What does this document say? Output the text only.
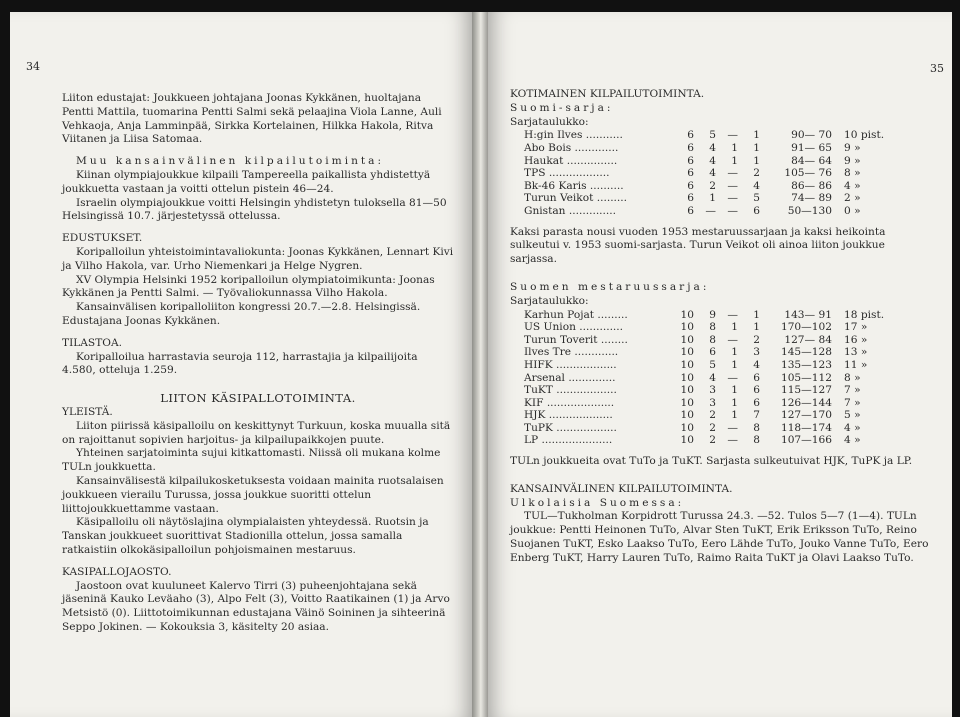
34

Liiton edustajat: Joukkueen johtajana Joonas Kykkänen, huoltajana Pentti Mattila, tuomarina Pentti Salmi sekä pelaajina Viola Lanne, Auli Vehkaoja, Anja Lamminpää, Sirkka Kortelainen, Hilkka Hakola, Ritva Viitanen ja Liisa Satomaa.

Muu kansainvälinen kilpailutoiminta:

Kiinan olympiajoukkue kilpaili Tampereella paikallista yhdistettyä joukkuetta vastaan ja voitti ottelun pistein 46—24.

Israelin olympiajoukkue voitti Helsingin yhdistetyn tuloksella 81—50 Helsingissä 10.7. järjestetyssä ottelussa.

EDUSTUKSET.

Koripalloilun yhteistoimintavaliokunta: Joonas Kykkänen, Lennart Kivi ja Vilho Hakola, var. Urho Niemenkari ja Helge Nygren.

XV Olympia Helsinki 1952 koripalloilun olympiatoimikunta: Joonas Kykkänen ja Pentti Salmi. — Työvaliokunnassa Vilho Hakola.

Kansainvälisen koripalloliiton kongressi 20.7.—2.8. Helsingissä. Edustajana Joonas Kykkänen.

TILASTOA.

Koripalloilua harrastavia seuroja 112, harrastajia ja kilpailijoita 4.580, otteluja 1.259.

LIITON KÄSIPALLOTOIMINTA.

YLEISTÄ.

Liiton piirissä käsipalloilu on keskittynyt Turkuun, koska muualla sitä on rajoittanut sopivien harjoitus- ja kilpailupaikkojen puute.

Yhteinen sarjatoiminta sujui kitkattomasti. Niissä oli mukana kolme TULn joukkuetta.

Kansainvälisestä kilpailukosketuksesta voidaan mainita ruotsalaisen joukkueen vierailu Turussa, jossa joukkue suoritti ottelun liittojoukkuettamme vastaan.

Käsipalloilu oli näytöslajina olympialaisten yhteydessä. Ruotsin ja Tanskan joukkueet suorittivat Stadionilla ottelun, jossa samalla ratkaistiin olkokäsipalloilun pohjoismainen mestaruus.

KASIPALLOJAOSTO.

Jaostoon ovat kuuluneet Kalervo Tirri (3) puheenjohtajana sekä jäseninä Kauko Leväaho (3), Alpo Felt (3), Voitto Raatikainen (1) ja Arvo Metsistö (0). Liittotoimikunnan edustajana Väinö Soininen ja sihteerinä Seppo Jokinen. — Kokouksia 3, käsitelty 20 asiaa.

35

KOTIMAINEN KILPAILUTOIMINTA.

Suomi-sarja:

Sarjataulukko:

H:gin Ilves ...........	6	5	—	1	90— 70	10 pist.
Abo Bois .............	6	4	1	1	91— 65	9 »
Haukat ...............	6	4	1	1	84— 64	9 »
TPS ..................	6	4	—	2	105— 76	8 »
Bk-46 Karis ..........	6	2	—	4	86— 86	4 »
Turun Veikot .........	6	1	—	5	74— 89	2 »
Gnistan ..............	6	—	—	6	50—130	0 »

Kaksi parasta nousi vuoden 1953 mestaruussarjaan ja kaksi heikointa sulkeutui v. 1953 suomi-sarjasta. Turun Veikot oli ainoa liiton joukkue sarjassa.

Suomen mestaruussarja:

Sarjataulukko:

Karhun Pojat .........	10	9	—	1	143— 91	18 pist.
US Union .............	10	8	1	1	170—102	17 »
Turun Toverit ........	10	8	—	2	127— 84	16 »
Ilves Tre .............	10	6	1	3	145—128	13 »
HIFK ..................	10	5	1	4	135—123	11 »
Arsenal ..............	10	4	—	6	105—112	8 »
TuKT ..................	10	3	1	6	115—127	7 »
KIF ....................	10	3	1	6	126—144	7 »
HJK ...................	10	2	1	7	127—170	5 »
TuPK ..................	10	2	—	8	118—174	4 »
LP .....................	10	2	—	8	107—166	4 »

TULn joukkueita ovat TuTo ja TuKT. Sarjasta sulkeutuivat HJK, TuPK ja LP.

KANSAINVÄLINEN KILPAILUTOIMINTA.

Ulkolaisia Suomessa:

TUL—Tukholman Korpidrott Turussa 24.3. —52. Tulos 5—7 (1—4). TULn joukkue: Pentti Heinonen TuTo, Alvar Sten TuKT, Erik Eriksson TuTo, Reino Suojanen TuKT, Esko Laakso TuTo, Eero Lähde TuTo, Jouko Vanne TuTo, Eero Enberg TuKT, Harry Lauren TuTo, Raimo Raita TuKT ja Olavi Laakso TuTo.
